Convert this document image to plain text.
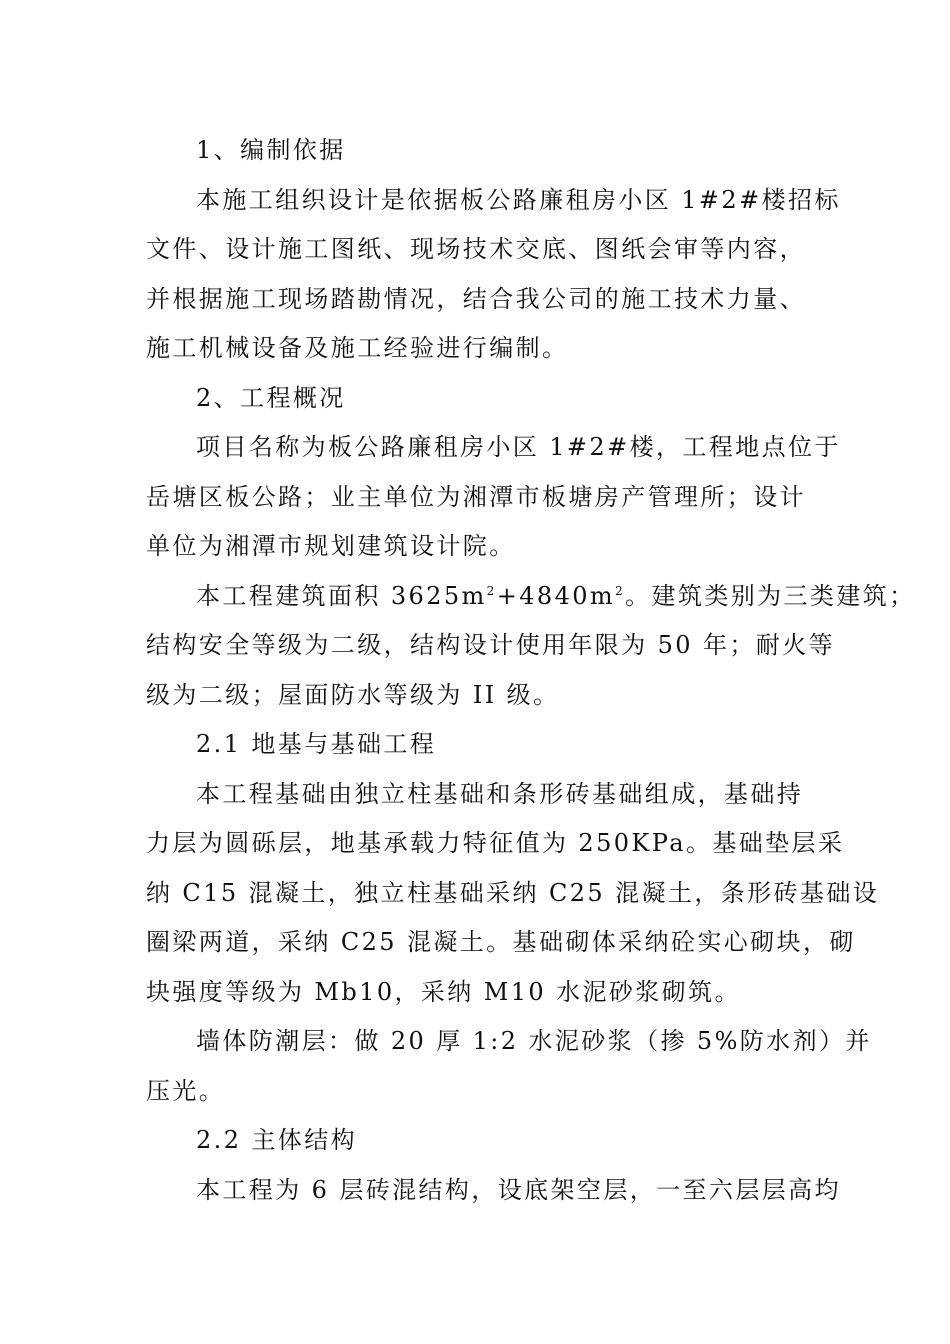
1、编制依据
本施工组织设计是依据板公路廉租房小区 1#2#楼招标
文件、设计施工图纸、现场技术交底、图纸会审等内容，
并根据施工现场踏勘情况，结合我公司的施工技术力量、
施工机械设备及施工经验进行编制。
2、工程概况
项目名称为板公路廉租房小区 1#2#楼，工程地点位于
岳塘区板公路；业主单位为湘潭市板塘房产管理所；设计
单位为湘潭市规划建筑设计院。
本工程建筑面积 $3625m^2+4840m^2$。建筑类别为三类建筑；
结构安全等级为二级，结构设计使用年限为 50 年；耐火等
级为二级；屋面防水等级为 II 级。
2.1 地基与基础工程
本工程基础由独立柱基础和条形砖基础组成，基础持
力层为圆砾层，地基承载力特征值为 250KPa。基础垫层采
纳 C15 混凝土，独立柱基础采纳 C25 混凝土，条形砖基础设
圈梁两道，采纳 C25 混凝土。基础砌体采纳砼实心砌块，砌
块强度等级为 Mb10，采纳 M10 水泥砂浆砌筑。
墙体防潮层：做 20 厚 1:2 水泥砂浆（掺 5%防水剂）并
压光。
2.2 主体结构
本工程为 6 层砖混结构，设底架空层，一至六层层高均
